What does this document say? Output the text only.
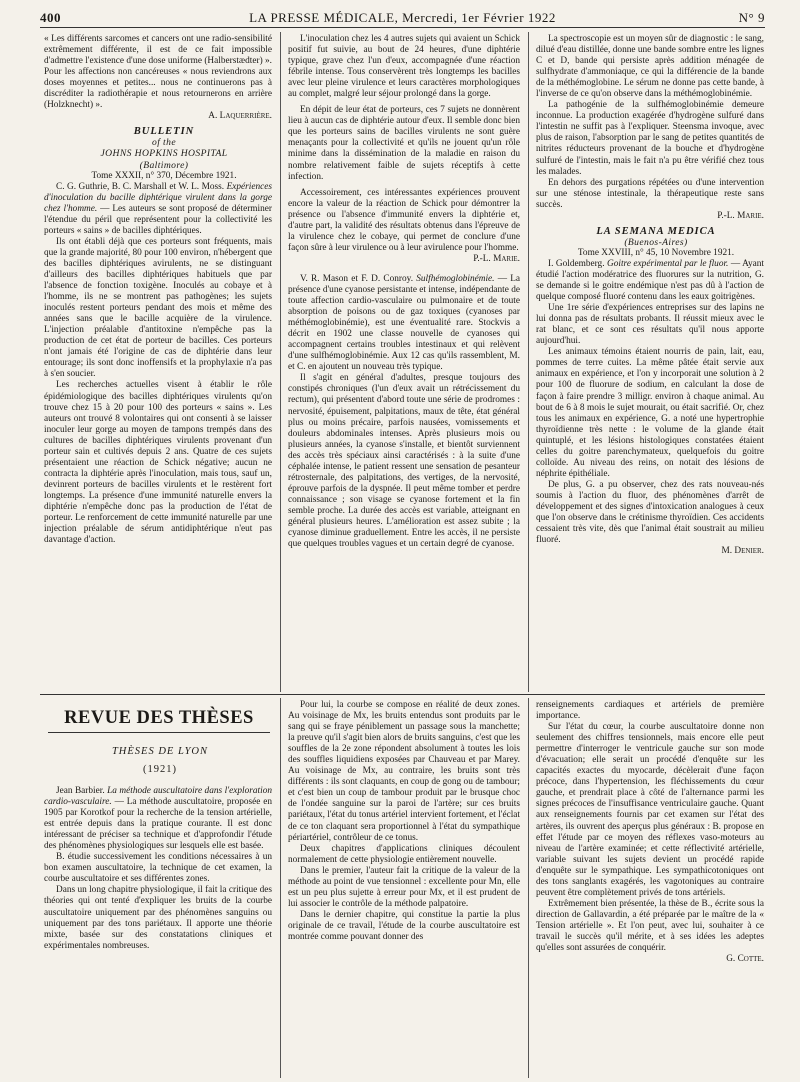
400	LA PRESSE MÉDICALE, Mercredi, 1er Février 1922	N° 9

« Les différents sarcomes et cancers ont une radio-sensibilité extrêmement différente, il est de ce fait impossible d'admettre l'existence d'une dose uniforme (Halberstædter) ». Pour les affections non cancéreuses « nous reviendrons aux doses moyennes et petites... nous ne continuerons pas à discréditer la radiothérapie et nous retournerons en arrière (Holzknecht) ».

A. Laquerrière.

BULLETIN

of the

JOHNS HOPKINS HOSPITAL

(Baltimore)

Tome XXXII, n° 370, Décembre 1921.

C. G. Guthrie, B. C. Marshall et W. L. Moss. Expériences d'inoculation du bacille diphtérique virulent dans la gorge chez l'homme. — Les auteurs se sont proposé de déterminer l'étendue du péril que représentent pour la collectivité les porteurs « sains » de bacilles diphtériques.

Ils ont établi déjà que ces porteurs sont fréquents, mais que la grande majorité, 80 pour 100 environ, n'hébergent que des bacilles diphtériques avirulents, ne se distinguant d'ailleurs des bacilles diphtériques habituels que par l'absence de fonction toxigène. Inoculés au cobaye et à l'homme, ils ne se montrent pas pathogènes; les sujets inoculés restent porteurs pendant des mois et même des années sans que le bacille acquière de la virulence. L'injection préalable d'antitoxine n'empêche pas la production de cet état de porteur de bacilles. Ces porteurs n'ont jamais été l'origine de cas de diphtérie dans leur entourage; ils sont donc inoffensifs et la prophylaxie n'a pas à s'en soucier.

Les recherches actuelles visent à établir le rôle épidémiologique des bacilles diphtériques virulents qu'on trouve chez 15 à 20 pour 100 des porteurs « sains ». Les auteurs ont trouvé 8 volontaires qui ont consenti à se laisser inoculer leur gorge au moyen de tampons trempés dans des cultures de bacilles diphtériques virulents provenant d'un porteur sain et cultivés depuis 2 ans. Quatre de ces sujets présentaient une réaction de Schick négative; aucun ne contracta la diphtérie après l'inoculation, mais tous, sauf un, devinrent porteurs de bacilles virulents et le restèrent fort longtemps. La présence d'une immunité naturelle envers la diphtérie n'empêche donc pas la production de l'état de porteur. Le renforcement de cette immunité naturelle par une injection préalable de sérum antidiphtérique n'eut pas davantage d'action.

L'inoculation chez les 4 autres sujets qui avaient un Schick positif fut suivie, au bout de 24 heures, d'une diphtérie typique, grave chez l'un d'eux, accompagnée d'une réaction fébrile intense. Tous conservèrent très longtemps les bacilles avec leur pleine virulence et leurs caractères morphologiques au complet, malgré leur séjour prolongé dans la gorge.

En dépit de leur état de porteurs, ces 7 sujets ne donnèrent lieu à aucun cas de diphtérie autour d'eux. Il semble donc bien que les porteurs sains de bacilles virulents ne sont guère menaçants pour la collectivité et qu'ils ne jouent qu'un rôle minime dans la dissémination de la maladie en raison du nombre relativement faible de sujets réceptifs à cette infection.

Accessoirement, ces intéressantes expériences prouvent encore la valeur de la réaction de Schick pour démontrer la présence ou l'absence d'immunité envers la diphtérie et, d'autre part, la validité des résultats obtenus dans l'épreuve de la virulence chez le cobaye, qui permet de conclure d'une façon sûre à leur virulence ou à leur avirulence pour l'homme.

P.-L. Marie.

V. R. Mason et F. D. Conroy. Sulfhémoglobinémie. — La présence d'une cyanose persistante et intense, indépendante de toute affection cardio-vasculaire ou pulmonaire et de toute absorption de poisons ou de gaz toxiques (cyanoses par méthémoglobinémie), est une éventualité rare. Stockvis a décrit en 1902 une classe nouvelle de cyanoses qui accompagnent certains troubles intestinaux et qui relèvent d'une sulfhémoglobinémie. Aux 12 cas qu'ils rassemblent, M. et C. en ajoutent un nouveau très typique.

Il s'agit en général d'adultes, presque toujours des constipés chroniques (l'un d'eux avait un rétrécissement du rectum), qui présentent d'abord toute une série de prodromes : nervosité, épuisement, palpitations, maux de tête, état général plus ou moins précaire, parfois nausées, vomissements et douleurs abdominales intenses. Après plusieurs mois ou plusieurs années, la cyanose s'installe, et bientôt surviennent des accès très spéciaux ainsi caractérisés : à la suite d'une céphalée intense, le patient ressent une sensation de pesanteur rétrosternale, des palpitations, des vertiges, de la nervosité, éprouve parfois de la dyspnée. Il peut même tomber et perdre connaissance ; son visage se cyanose fortement et la fin semble proche. La durée des accès est variable, atteignant en général plusieurs heures. L'amélioration est assez subite ; la cyanose diminue graduellement. Entre les accès, il ne persiste que quelques troubles vagues et un certain degré de cyanose.

La spectroscopie est un moyen sûr de diagnostic : le sang, dilué d'eau distillée, donne une bande sombre entre les lignes C et D, bande qui persiste après addition ménagée de sulfhydrate d'ammoniaque, ce qui la différencie de la bande de la méthémoglobine. Le sérum ne donne pas cette bande, à l'inverse de ce qu'on observe dans la méthémoglobinémie.

La pathogénie de la sulfhémoglobinémie demeure inconnue. La production exagérée d'hydrogène sulfuré dans l'intestin ne suffit pas à l'expliquer. Steensma invoque, avec plus de raison, l'absorption par le sang de petites quantités de nitrites réducteurs provenant de la bouche et d'hydrogène sulfuré de l'intestin, mais le fait n'a pu être vérifié chez tous les malades.

En dehors des purgations répétées ou d'une intervention sur une sténose intestinale, la thérapeutique reste sans succès.

P.-L. Marie.

LA SEMANA MEDICA

(Buenos-Aires)

Tome XXVIII, n° 45, 10 Novembre 1921.

I. Goldemberg. Goitre expérimental par le fluor. — Ayant étudié l'action modératrice des fluorures sur la nutrition, G. se demande si le goitre endémique n'est pas dû à l'action de quelque composé fluoré contenu dans les eaux goitrigènes.

Une 1re série d'expériences entreprises sur des lapins ne lui donna pas de résultats probants. Il réussit mieux avec le rat blanc, et ce sont ces résultats qu'il nous apporte aujourd'hui.

Les animaux témoins étaient nourris de pain, lait, eau, pommes de terre cuites. La même pâtée était servie aux animaux en expérience, et l'on y incorporait une solution à 2 pour 100 de fluorure de sodium, en calculant la dose de façon à faire prendre 3 milligr. environ à chaque animal. Au bout de 6 à 8 mois le sujet mourait, ou était sacrifié. Or, chez tous les animaux en expérience, G. a noté une hypertrophie thyroïdienne très nette : le volume de la glande était quintuplé, et les lésions histologiques constatées étaient celles du goitre parenchymateux, quelquefois du goitre colloïde. Au niveau des reins, on notait des lésions de néphrite épithéliale.

De plus, G. a pu observer, chez des rats nouveau-nés soumis à l'action du fluor, des phénomènes d'arrêt de développement et des signes d'intoxication analogues à ceux que l'on observe dans le crétinisme thyroïdien. Ces accidents cessaient très vite, dès que l'animal était soustrait au milieu fluoré.

M. Denier.

REVUE DES THÈSES
THÈSES DE LYON
(1921)

Jean Barbier. La méthode auscultatoire dans l'exploration cardio-vasculaire. — La méthode auscultatoire, proposée en 1905 par Korotkof pour la recherche de la tension artérielle, est entrée depuis dans la pratique courante. Il est donc intéressant de préciser sa technique et d'approfondir l'étude des phénomènes physiologiques sur lesquels elle est basée.

B. étudie successivement les conditions nécessaires à un bon examen auscultatoire, la technique de cet examen, la courbe auscultatoire et ses différentes zones.

Dans un long chapitre physiologique, il fait la critique des théories qui ont tenté d'expliquer les bruits de la courbe auscultatoire uniquement par des phénomènes sanguins ou uniquement par des tons pariétaux. Il apporte une théorie mixte, basée sur des constatations cliniques et expérimentales nombreuses.

Pour lui, la courbe se compose en réalité de deux zones. Au voisinage de Mx, les bruits entendus sont produits par le sang qui se fraye péniblement un passage sous la manchette; la preuve qu'il s'agit bien alors de bruits sanguins, c'est que les souffles de la 2e zone répondent absolument à toutes les lois des souffles liquidiens exposées par Chauveau et par Marey. Au voisinage de Mx, au contraire, les bruits sont très différents : ils sont claquants, en coup de gong ou de tambour; et c'est bien un coup de tambour produit par le brusque choc de l'ondée sanguine sur la paroi de l'artère; sur ces bruits pariétaux, l'état du tonus artériel intervient fortement, et l'éclat de ce ton claquant sera proportionnel à l'état du sympathique périartériel, contrôleur de ce tonus.

Deux chapitres d'applications cliniques découlent normalement de cette physiologie entièrement nouvelle.

Dans le premier, l'auteur fait la critique de la valeur de la méthode au point de vue tensionnel : excellente pour Mn, elle est un peu plus sujette à erreur pour Mx, et il est prudent de lui associer le contrôle de la méthode palpatoire.

Dans le dernier chapitre, qui constitue la partie la plus originale de ce travail, l'étude de la courbe auscultatoire est montrée comme pouvant donner des

renseignements cardiaques et artériels de première importance.

Sur l'état du cœur, la courbe auscultatoire donne non seulement des chiffres tensionnels, mais encore elle peut permettre d'interroger le ventricule gauche sur son mode d'évacuation; elle serait un procédé d'enquête sur les capacités exactes du myocarde, décèlerait d'une façon précoce, dans l'hypertension, les fléchissements du cœur gauche, et prendrait place à côté de l'alternance parmi les signes précoces de l'insuffisance ventriculaire gauche. Quant aux renseignements fournis par cet examen sur l'état des artères, ils ouvrent des aperçus plus généraux : B. propose en effet l'étude par ce moyen des réflexes vaso-moteurs au niveau de l'artère examinée; et cette réflectivité artérielle, variable suivant les sujets devient un procédé rapide d'enquête sur le sympathique. Les sympathicotoniques ont des tons sanglants exagérés, les vagotoniques au contraire peuvent être complètement privés de tons artériels.

Extrêmement bien présentée, la thèse de B., écrite sous la direction de Gallavardin, a été préparée par le maître de la « Tension artérielle ». Et l'on peut, avec lui, souhaiter à ce travail le succès qu'il mérite, et à ses idées les adeptes qu'elles sont assurées de conquérir.

G. Cotte.
